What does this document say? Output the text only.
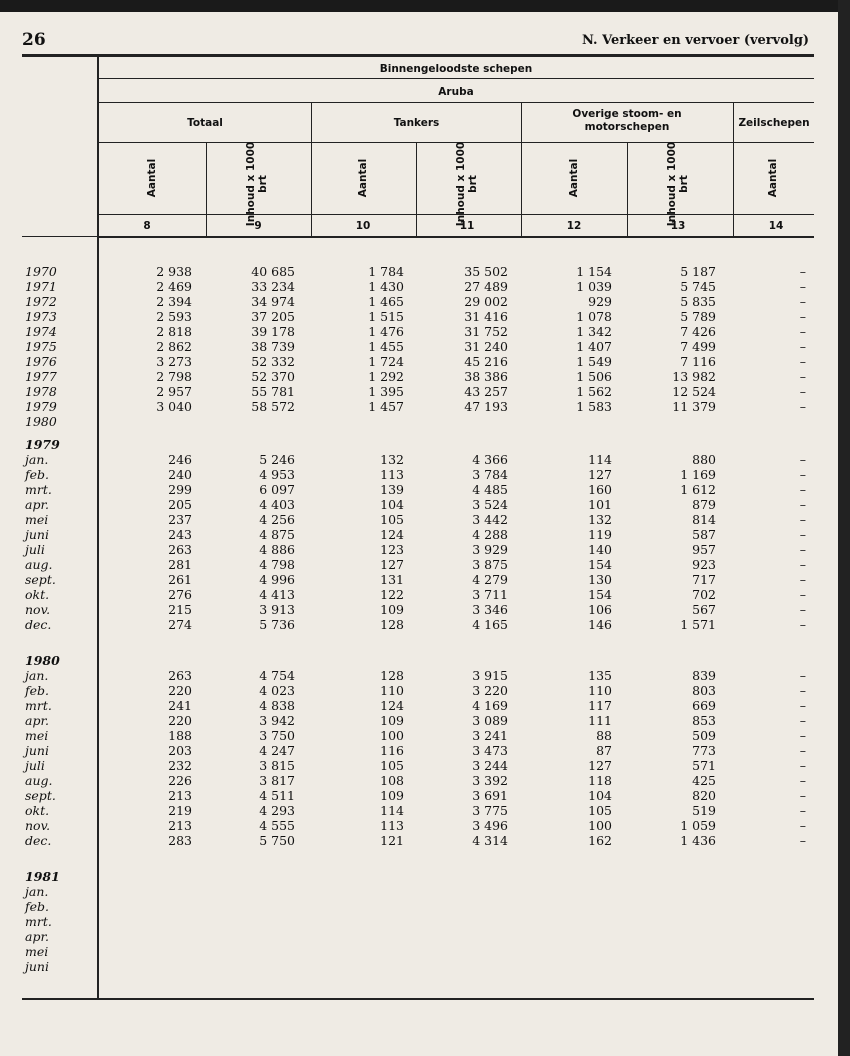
26	N. Verkeer en vervoer (vervolg)
Binnengeloodste schepen
Aruba
Totaal	Tankers
Overige stoom- en motorschepen	Zeilschepen
Aantal	Inhoud x 1000 brt	Aantal	Inhoud x 1000 brt	Aantal	Inhoud x 1000 brt	Aantal
8	9	10	11	12	13	14
1970	2 938	40 685	1 784	35 502	1 154	5 187	–
1971	2 469	33 234	1 430	27 489	1 039	5 745	–
1972	2 394	34 974	1 465	29 002	929	5 835	–
1973	2 593	37 205	1 515	31 416	1 078	5 789	–
1974	2 818	39 178	1 476	31 752	1 342	7 426	–
1975	2 862	38 739	1 455	31 240	1 407	7 499	–
1976	3 273	52 332	1 724	45 216	1 549	7 116	–
1977	2 798	52 370	1 292	38 386	1 506	13 982	–
1978	2 957	55 781	1 395	43 257	1 562	12 524	–
1979	3 040	58 572	1 457	47 193	1 583	11 379	–
1980
1979
jan.	246	5 246	132	4 366	114	880	–
feb.	240	4 953	113	3 784	127	1 169	–
mrt.	299	6 097	139	4 485	160	1 612	–
apr.	205	4 403	104	3 524	101	879	–
mei	237	4 256	105	3 442	132	814	–
juni	243	4 875	124	4 288	119	587	–
juli	263	4 886	123	3 929	140	957	–
aug.	281	4 798	127	3 875	154	923	–
sept.	261	4 996	131	4 279	130	717	–
okt.	276	4 413	122	3 711	154	702	–
nov.	215	3 913	109	3 346	106	567	–
dec.	274	5 736	128	4 165	146	1 571	–
1980
jan.	263	4 754	128	3 915	135	839	–
feb.	220	4 023	110	3 220	110	803	–
mrt.	241	4 838	124	4 169	117	669	–
apr.	220	3 942	109	3 089	111	853	–
mei	188	3 750	100	3 241	88	509	–
juni	203	4 247	116	3 473	87	773	–
juli	232	3 815	105	3 244	127	571	–
aug.	226	3 817	108	3 392	118	425	–
sept.	213	4 511	109	3 691	104	820	–
okt.	219	4 293	114	3 775	105	519	–
nov.	213	4 555	113	3 496	100	1 059	–
dec.	283	5 750	121	4 314	162	1 436	–
1981
jan.
feb.
mrt.
apr.
mei
juni
